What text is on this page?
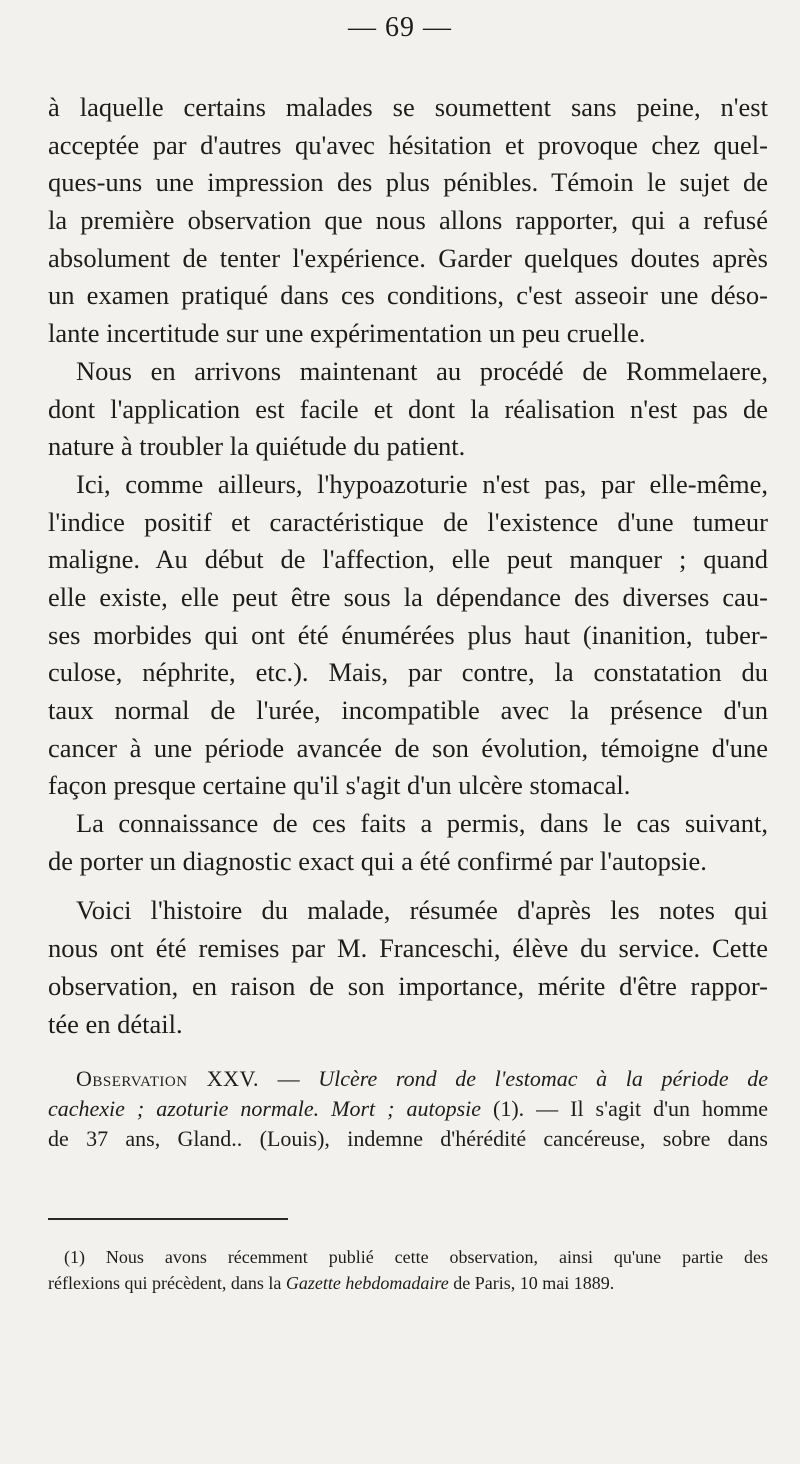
— 69 —
à laquelle certains malades se soumettent sans peine, n'est
acceptée par d'autres qu'avec hésitation et provoque chez quel-
ques-uns une impression des plus pénibles. Témoin le sujet de
la première observation que nous allons rapporter, qui a refusé
absolument de tenter l'expérience. Garder quelques doutes après
un examen pratiqué dans ces conditions, c'est asseoir une déso-
lante incertitude sur une expérimentation un peu cruelle.
Nous en arrivons maintenant au procédé de Rommelaere,
dont l'application est facile et dont la réalisation n'est pas de
nature à troubler la quiétude du patient.
Ici, comme ailleurs, l'hypoazoturie n'est pas, par elle-même,
l'indice positif et caractéristique de l'existence d'une tumeur
maligne. Au début de l'affection, elle peut manquer ; quand
elle existe, elle peut être sous la dépendance des diverses cau-
ses morbides qui ont été énumérées plus haut (inanition, tuber-
culose, néphrite, etc.). Mais, par contre, la constatation du
taux normal de l'urée, incompatible avec la présence d'un
cancer à une période avancée de son évolution, témoigne d'une
façon presque certaine qu'il s'agit d'un ulcère stomacal.
La connaissance de ces faits a permis, dans le cas suivant,
de porter un diagnostic exact qui a été confirmé par l'autopsie.
Voici l'histoire du malade, résumée d'après les notes qui
nous ont été remises par M. Franceschi, élève du service. Cette
observation, en raison de son importance, mérite d'être rappor-
tée en détail.
Observation XXV. — Ulcère rond de l'estomac à la période de
cachexie ; azoturie normale. Mort ; autopsie (1). — Il s'agit d'un homme
de 37 ans, Gland.. (Louis), indemne d'hérédité cancéreuse, sobre dans
(1) Nous avons récemment publié cette observation, ainsi qu'une partie des
réflexions qui précèdent, dans la Gazette hebdomadaire de Paris, 10 mai 1889.
